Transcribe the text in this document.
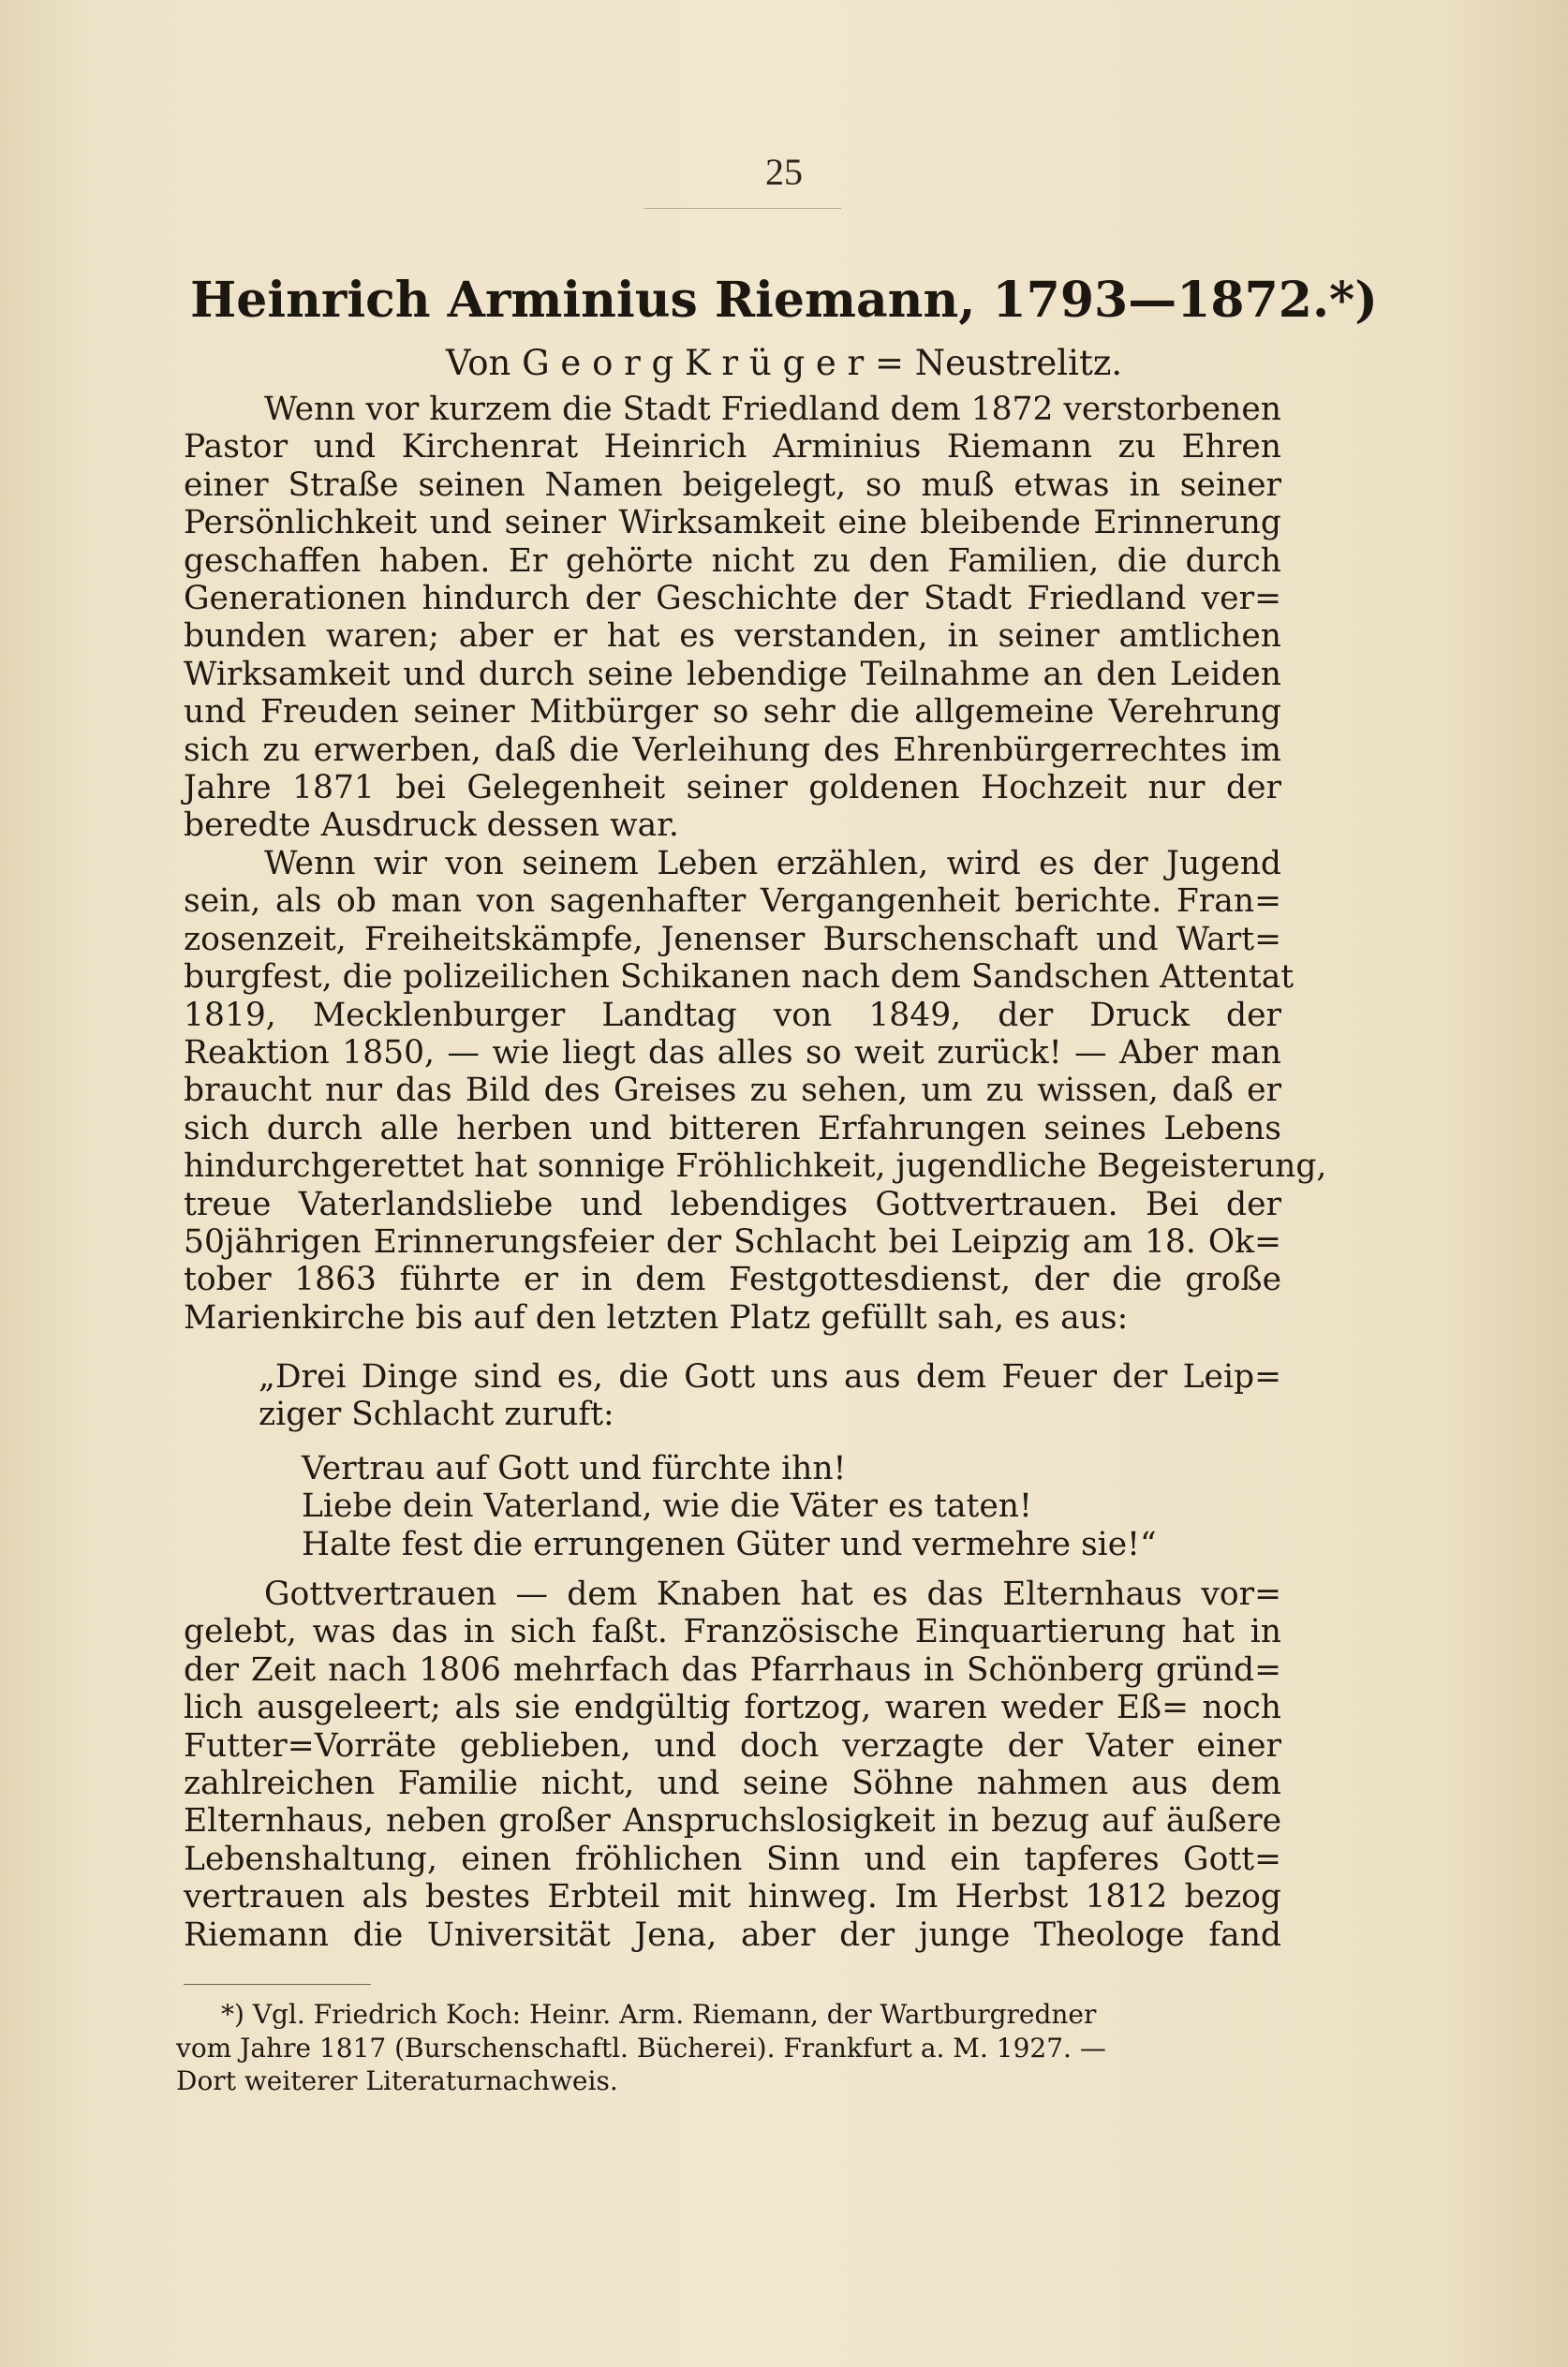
25
Heinrich Arminius Riemann, 1793—1872.*)
Von G e o r g K r ü g e r = Neustrelitz.
Wenn vor kurzem die Stadt Friedland dem 1872 verstorbenen
Pastor und Kirchenrat Heinrich Arminius Riemann zu Ehren
einer Straße seinen Namen beigelegt, so muß etwas in seiner
Persönlichkeit und seiner Wirksamkeit eine bleibende Erinnerung
geschaffen haben. Er gehörte nicht zu den Familien, die durch
Generationen hindurch der Geschichte der Stadt Friedland ver=
bunden waren; aber er hat es verstanden, in seiner amtlichen
Wirksamkeit und durch seine lebendige Teilnahme an den Leiden
und Freuden seiner Mitbürger so sehr die allgemeine Verehrung
sich zu erwerben, daß die Verleihung des Ehrenbürgerrechtes im
Jahre 1871 bei Gelegenheit seiner goldenen Hochzeit nur der
beredte Ausdruck dessen war.
Wenn wir von seinem Leben erzählen, wird es der Jugend
sein, als ob man von sagenhafter Vergangenheit berichte. Fran=
zosenzeit, Freiheitskämpfe, Jenenser Burschenschaft und Wart=
burgfest, die polizeilichen Schikanen nach dem Sandschen Attentat
1819, Mecklenburger Landtag von 1849, der Druck der
Reaktion 1850, — wie liegt das alles so weit zurück! — Aber man
braucht nur das Bild des Greises zu sehen, um zu wissen, daß er
sich durch alle herben und bitteren Erfahrungen seines Lebens
hindurchgerettet hat sonnige Fröhlichkeit, jugendliche Begeisterung,
treue Vaterlandsliebe und lebendiges Gottvertrauen. Bei der
50jährigen Erinnerungsfeier der Schlacht bei Leipzig am 18. Ok=
tober 1863 führte er in dem Festgottesdienst, der die große
Marienkirche bis auf den letzten Platz gefüllt sah, es aus:
„Drei Dinge sind es, die Gott uns aus dem Feuer der Leip=
ziger Schlacht zuruft:
Vertrau auf Gott und fürchte ihn!
Liebe dein Vaterland, wie die Väter es taten!
Halte fest die errungenen Güter und vermehre sie!“
Gottvertrauen — dem Knaben hat es das Elternhaus vor=
gelebt, was das in sich faßt. Französische Einquartierung hat in
der Zeit nach 1806 mehrfach das Pfarrhaus in Schönberg gründ=
lich ausgeleert; als sie endgültig fortzog, waren weder Eß= noch
Futter=Vorräte geblieben, und doch verzagte der Vater einer
zahlreichen Familie nicht, und seine Söhne nahmen aus dem
Elternhaus, neben großer Anspruchslosigkeit in bezug auf äußere
Lebenshaltung, einen fröhlichen Sinn und ein tapferes Gott=
vertrauen als bestes Erbteil mit hinweg. Im Herbst 1812 bezog
Riemann die Universität Jena, aber der junge Theologe fand
*) Vgl. Friedrich Koch: Heinr. Arm. Riemann, der Wartburgredner
vom Jahre 1817 (Burschenschaftl. Bücherei). Frankfurt a. M. 1927. —
Dort weiterer Literaturnachweis.
